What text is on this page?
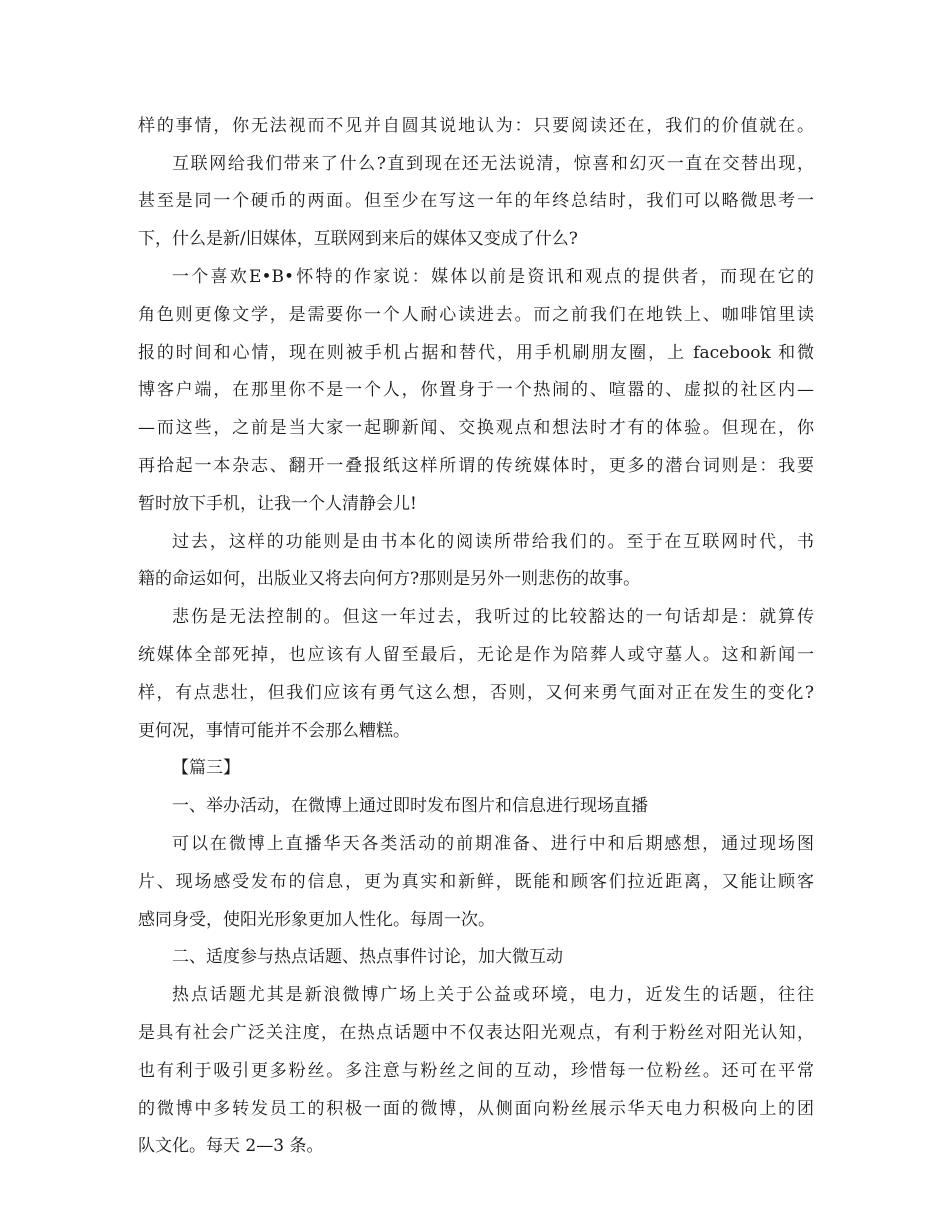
样的事情，你无法视而不见并自圆其说地认为：只要阅读还在，我们的价值就在。
互联网给我们带来了什么?直到现在还无法说清，惊喜和幻灭一直在交替出现，
甚至是同一个硬币的两面。但至少在写这一年的年终总结时，我们可以略微思考一
下，什么是新/旧媒体，互联网到来后的媒体又变成了什么?
一个喜欢E•B•怀特的作家说：媒体以前是资讯和观点的提供者，而现在它的
角色则更像文学，是需要你一个人耐心读进去。而之前我们在地铁上、咖啡馆里读
报的时间和心情，现在则被手机占据和替代，用手机刷朋友圈，上 facebook 和微
博客户端，在那里你不是一个人，你置身于一个热闹的、喧嚣的、虚拟的社区内—
—而这些，之前是当大家一起聊新闻、交换观点和想法时才有的体验。但现在，你
再拾起一本杂志、翻开一叠报纸这样所谓的传统媒体时，更多的潜台词则是：我要
暂时放下手机，让我一个人清静会儿!
过去，这样的功能则是由书本化的阅读所带给我们的。至于在互联网时代，书
籍的命运如何，出版业又将去向何方?那则是另外一则悲伤的故事。
悲伤是无法控制的。但这一年过去，我听过的比较豁达的一句话却是：就算传
统媒体全部死掉，也应该有人留至最后，无论是作为陪葬人或守墓人。这和新闻一
样，有点悲壮，但我们应该有勇气这么想，否则，又何来勇气面对正在发生的变化?
更何况，事情可能并不会那么糟糕。
【篇三】
一、举办活动，在微博上通过即时发布图片和信息进行现场直播
可以在微博上直播华天各类活动的前期准备、进行中和后期感想，通过现场图
片、现场感受发布的信息，更为真实和新鲜，既能和顾客们拉近距离，又能让顾客
感同身受，使阳光形象更加人性化。每周一次。
二、适度参与热点话题、热点事件讨论，加大微互动
热点话题尤其是新浪微博广场上关于公益或环境，电力，近发生的话题，往往
是具有社会广泛关注度，在热点话题中不仅表达阳光观点，有利于粉丝对阳光认知，
也有利于吸引更多粉丝。多注意与粉丝之间的互动，珍惜每一位粉丝。还可在平常
的微博中多转发员工的积极一面的微博，从侧面向粉丝展示华天电力积极向上的团
队文化。每天 2—3 条。
